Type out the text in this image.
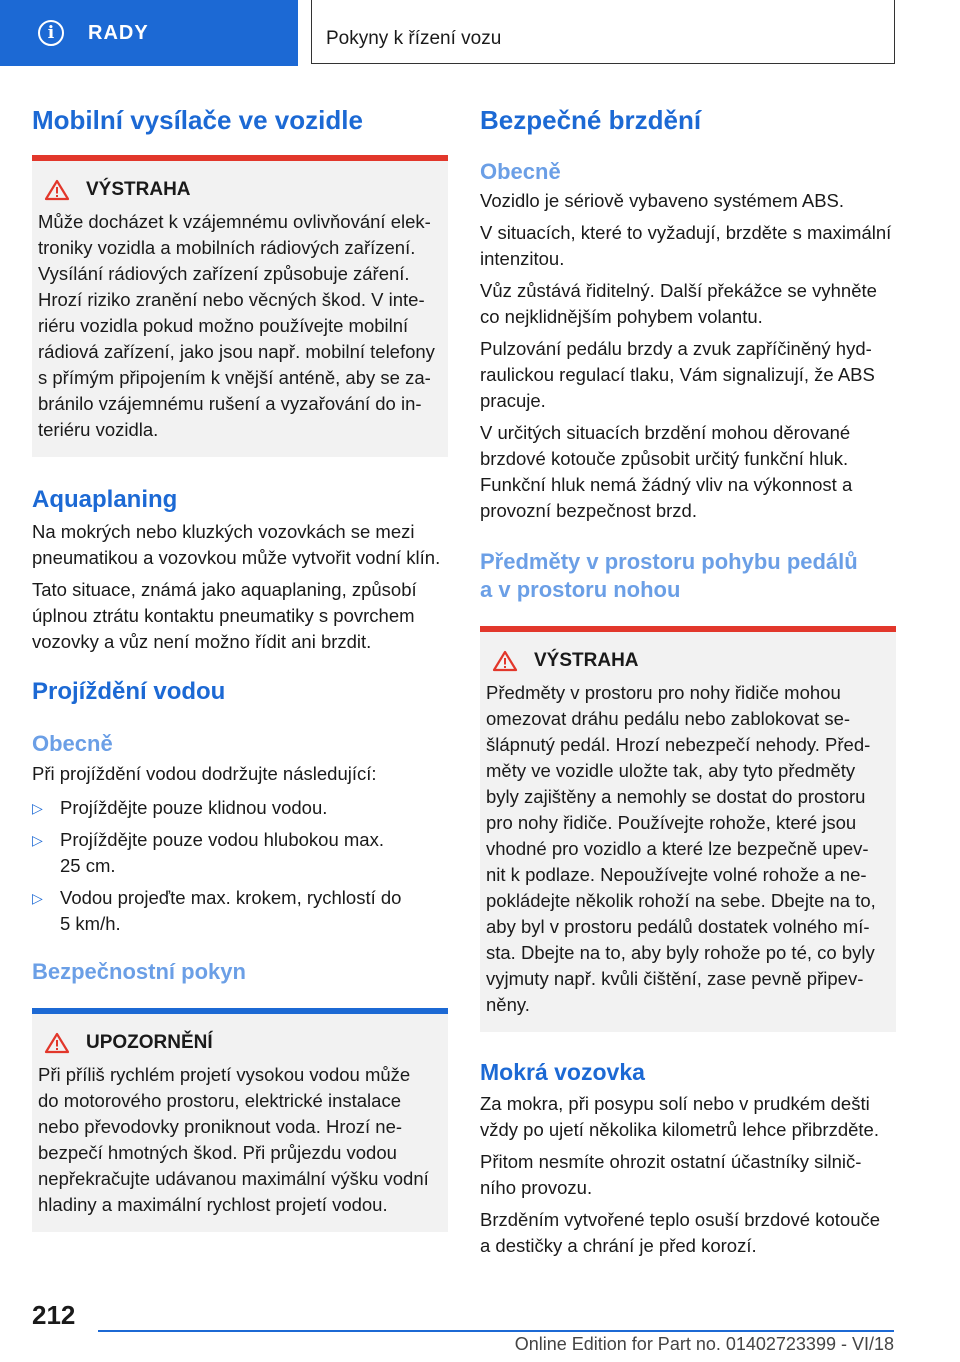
i	RADY	Pokyny k řízení vozu
Mobilní vysílače ve vozidle
VÝSTRAHA

Může docházet k vzájemnému ovlivňování elek-
troniky vozidla a mobilních rádiových zařízení.
Vysílání rádiových zařízení způsobuje záření.
Hrozí riziko zranění nebo věcných škod. V inte-
riéru vozidla pokud možno používejte mobilní
rádiová zařízení, jako jsou např. mobilní telefony
s přímým připojením k vnější anténě, aby se za-
bránilo vzájemnému rušení a vyzařování do in-
teriéru vozidla.

Aquaplaning

Na mokrých nebo kluzkých vozovkách se mezi
pneumatikou a vozovkou může vytvořit vodní klín.

Tato situace, známá jako aquaplaning, způsobí
úplnou ztrátu kontaktu pneumatiky s povrchem
vozovky a vůz není možno řídit ani brzdit.

Projíždění vodou
Obecně

Při projíždění vodou dodržujte následující:

▷ Projíždějte pouze klidnou vodou.
▷ Projíždějte pouze vodou hlubokou max.
25 cm.
▷ Vodou projeďte max. krokem, rychlostí do
5 km/h.
Bezpečnostní pokyn
UPOZORNĚNÍ

Při příliš rychlém projetí vysokou vodou může
do motorového prostoru, elektrické instalace
nebo převodovky proniknout voda. Hrozí ne-
bezpečí hmotných škod. Při průjezdu vodou
nepřekračujte udávanou maximální výšku vodní
hladiny a maximální rychlost projetí vodou.

Bezpečné brzdění
Obecně

Vozidlo je sériově vybaveno systémem ABS.

V situacích, které to vyžadují, brzděte s maximální
intenzitou.

Vůz zůstává řiditelný. Další překážce se vyhněte
co nejklidnějším pohybem volantu.

Pulzování pedálu brzdy a zvuk zapříčiněný hyd-
raulickou regulací tlaku, Vám signalizují, že ABS
pracuje.

V určitých situacích brzdění mohou děrované
brzdové kotouče způsobit určitý funkční hluk.
Funkční hluk nemá žádný vliv na výkonnost a
provozní bezpečnost brzd.

Předměty v prostoru pohybu pedálů
a v prostoru nohou
VÝSTRAHA

Předměty v prostoru pro nohy řidiče mohou
omezovat dráhu pedálu nebo zablokovat se-
šlápnutý pedál. Hrozí nebezpečí nehody. Před-
měty ve vozidle uložte tak, aby tyto předměty
byly zajištěny a nemohly se dostat do prostoru
pro nohy řidiče. Používejte rohože, které jsou
vhodné pro vozidlo a které lze bezpečně upev-
nit k podlaze. Nepoužívejte volné rohože a ne-
pokládejte několik rohoží na sebe. Dbejte na to,
aby byl v prostoru pedálů dostatek volného mí-
sta. Dbejte na to, aby byly rohože po té, co byly
vyjmuty např. kvůli čištění, zase pevně připev-
něny.

Mokrá vozovka

Za mokra, při posypu solí nebo v prudkém dešti
vždy po ujetí několika kilometrů lehce přibrzděte.

Přitom nesmíte ohrozit ostatní účastníky silnič-
ního provozu.

Brzděním vytvořené teplo osuší brzdové kotouče
a destičky a chrání je před korozí.

212
Online Edition for Part no. 01402723399 - VI/18
